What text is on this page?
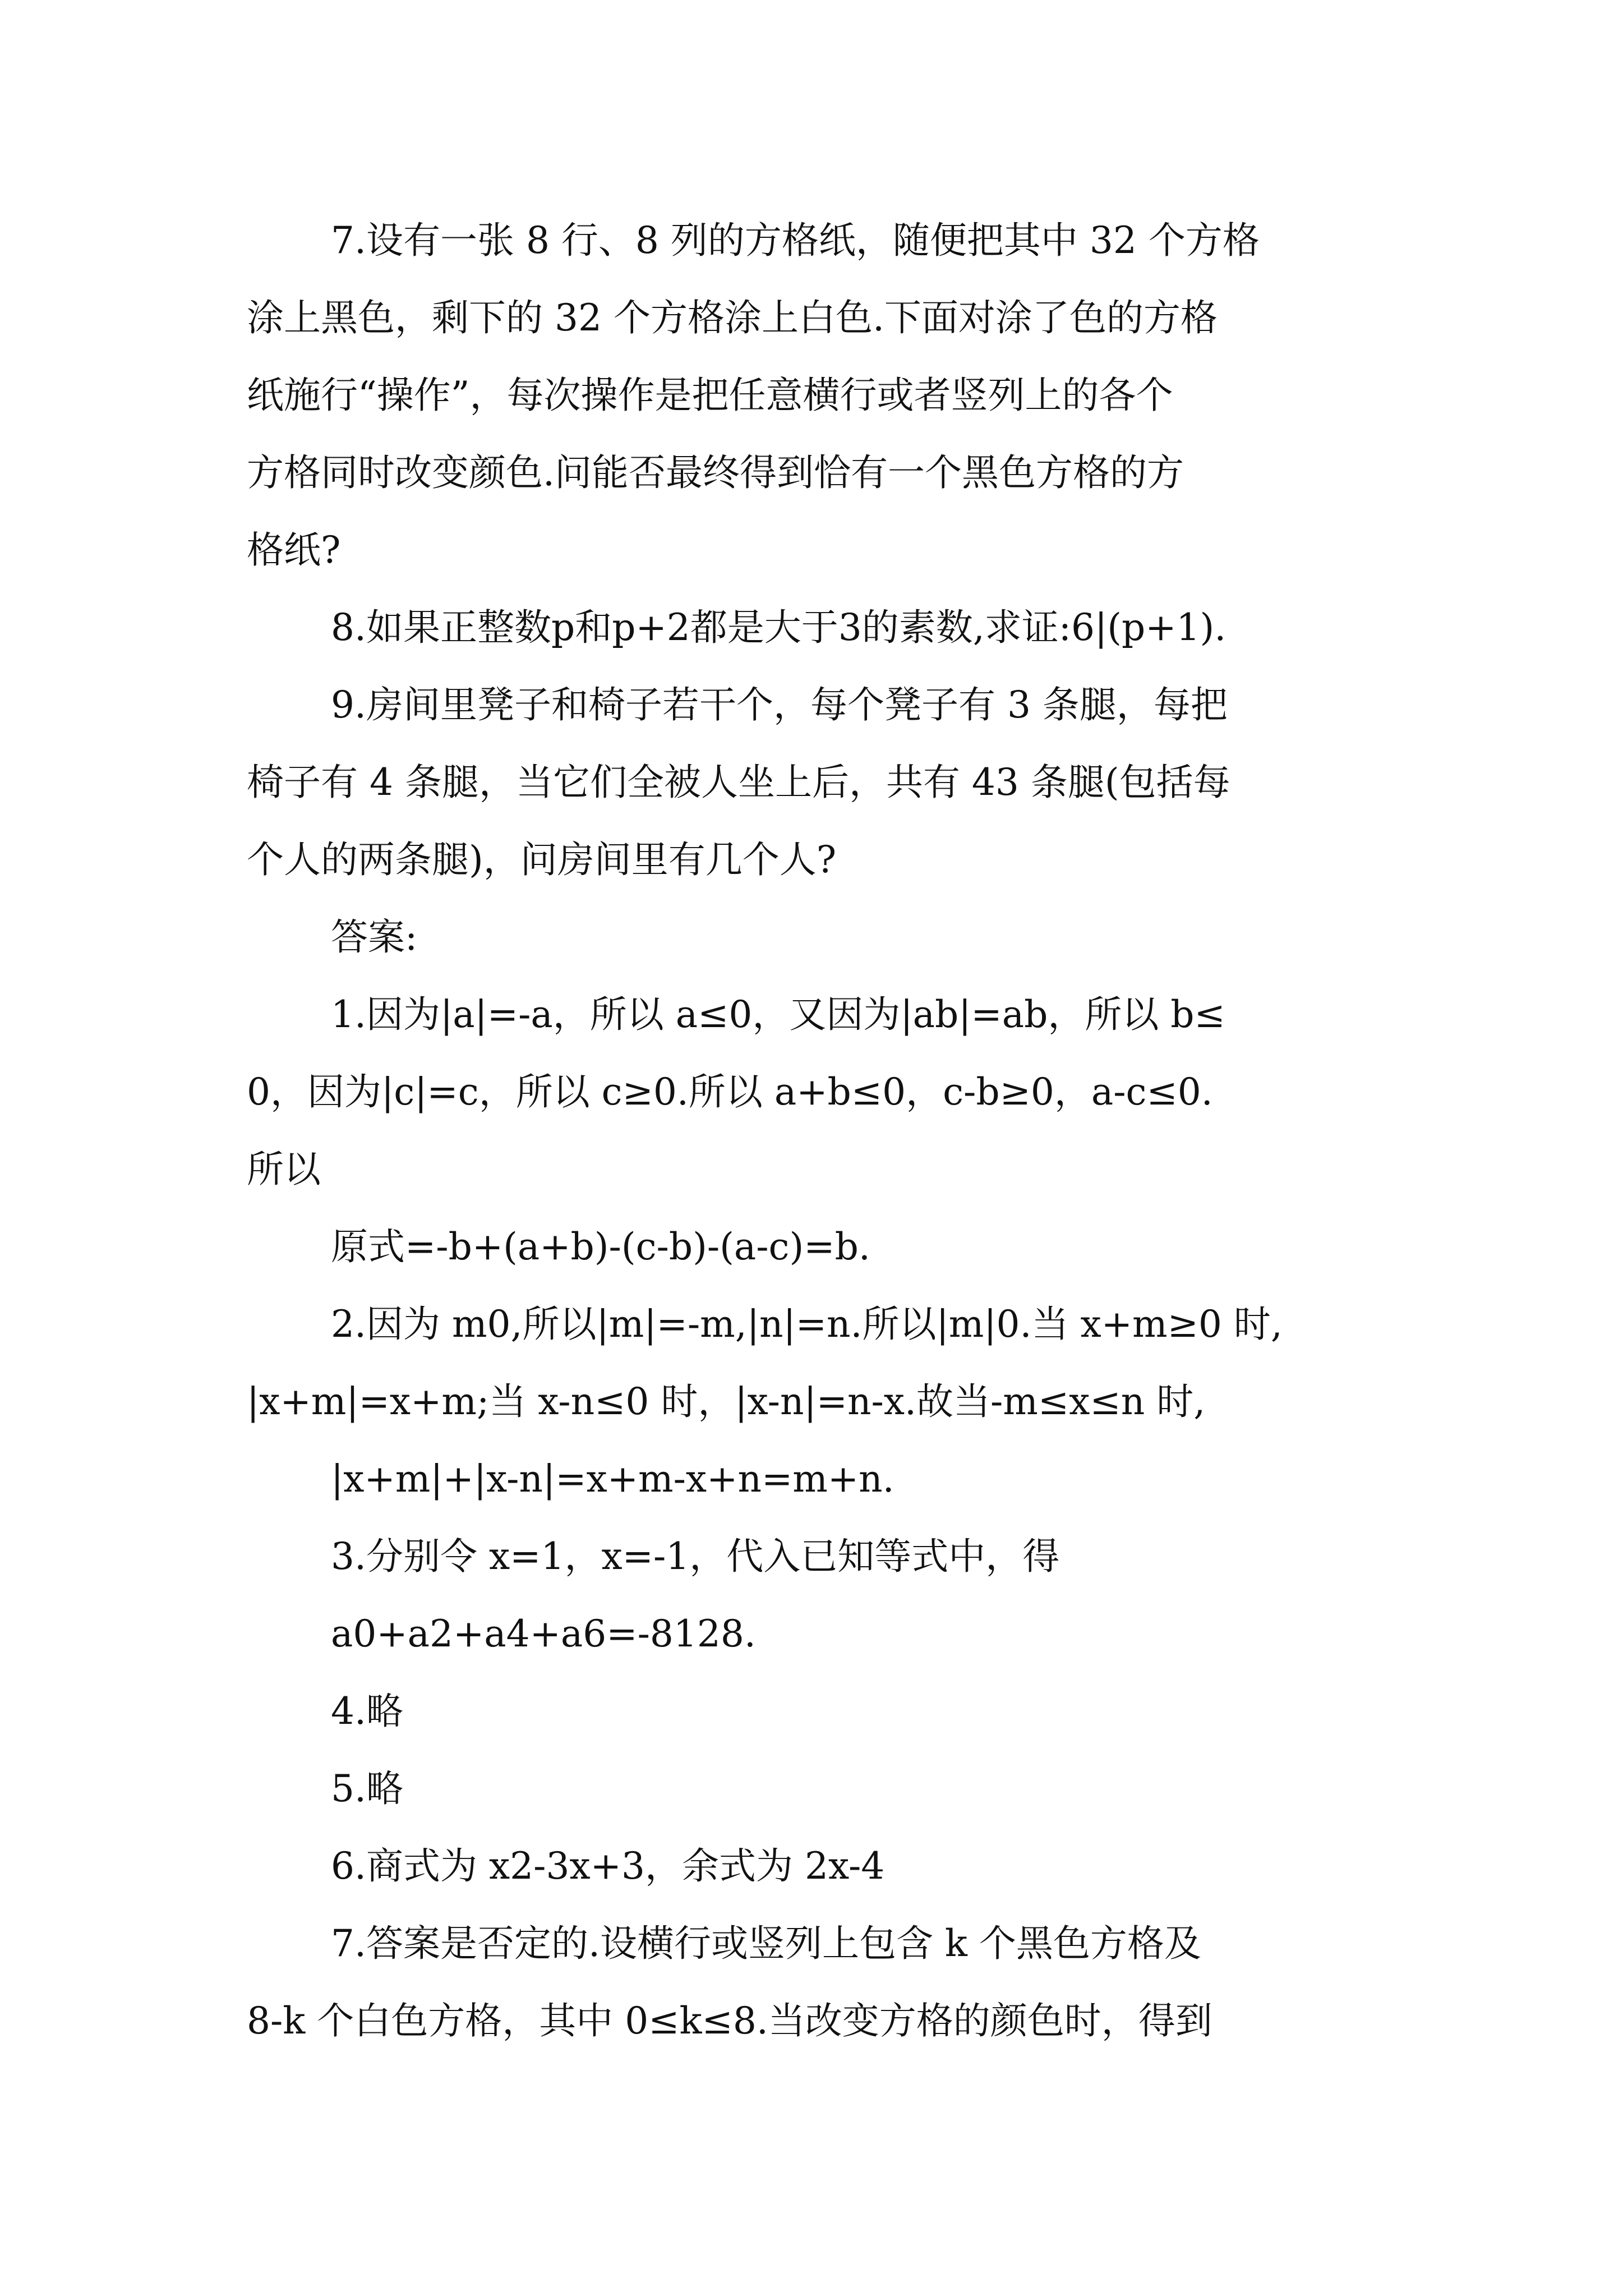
7.设有一张 8 行、8 列的方格纸，随便把其中 32 个方格
涂上黑色，剩下的 32 个方格涂上白色.下面对涂了色的方格
纸施行“操作”，每次操作是把任意横行或者竖列上的各个
方格同时改变颜色.问能否最终得到恰有一个黑色方格的方
格纸?
8.如果正整数p和p+2都是大于3的素数,求证:6|(p+1).
9.房间里凳子和椅子若干个，每个凳子有 3 条腿，每把
椅子有 4 条腿，当它们全被人坐上后，共有 43 条腿(包括每
个人的两条腿)，问房间里有几个人?
答案:
1.因为|a|=-a，所以 a≤0，又因为|ab|=ab，所以 b≤
0，因为|c|=c，所以 c≥0.所以 a+b≤0，c-b≥0，a-c≤0.
所以
原式=-b+(a+b)-(c-b)-(a-c)=b.
2.因为 m0,所以|m|=-m,|n|=n.所以|m|0.当 x+m≥0 时,
|x+m|=x+m;当 x-n≤0 时，|x-n|=n-x.故当-m≤x≤n 时,
|x+m|+|x-n|=x+m-x+n=m+n.
3.分别令 x=1，x=-1，代入已知等式中，得
a0+a2+a4+a6=-8128.
4.略
5.略
6.商式为 x2-3x+3，余式为 2x-4
7.答案是否定的.设横行或竖列上包含 k 个黑色方格及
8-k 个白色方格，其中 0≤k≤8.当改变方格的颜色时，得到
